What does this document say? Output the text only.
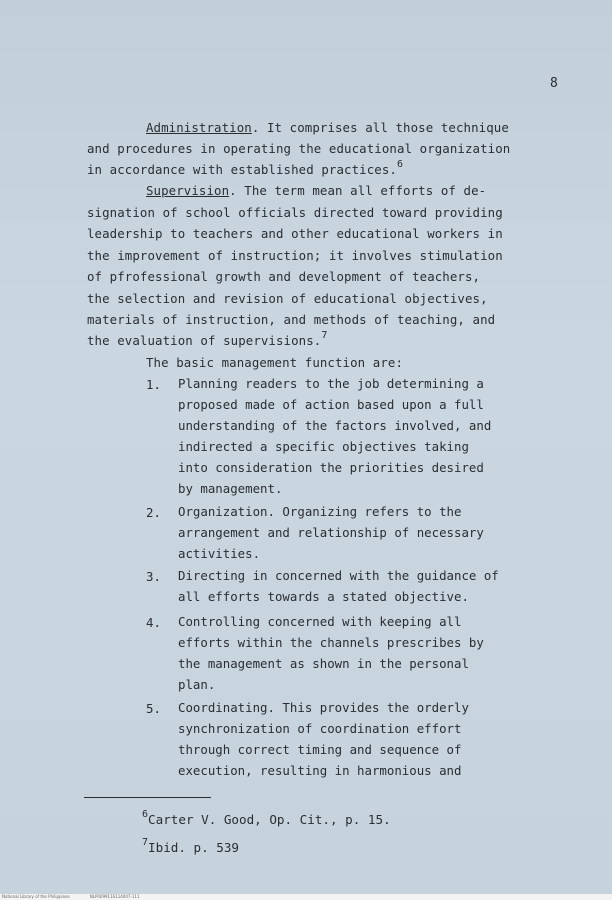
8
Administration. It comprises all those technique
and procedures in operating the educational organization
in accordance with established practices.$^6$
Supervision. The term mean all efforts of de-
signation of school officials directed toward providing
leadership to teachers and other educational workers in
the improvement of instruction; it involves stimulation
of pfrofessional growth and development of teachers,
the selection and revision of educational objectives,
materials of instruction, and methods of teaching, and
the evaluation of supervisions.$^7$
The basic management function are:
1. Planning readers to the job determining a
proposed made of action based upon a full
understanding of the factors involved, and
indirected a specific objectives taking
into consideration the priorities desired
by management.
2. Organization. Organizing refers to the
arrangement and relationship of necessary
activities.
3. Directing in concerned with the guidance of
all efforts towards a stated objective.
4. Controlling concerned with keeping all
efforts within the channels prescribes by
the management as shown in the personal
plan.
5. Coordinating. This provides the orderly
synchronization of coordination effort
through correct timing and sequence of
execution, resulting in harmonious and
$^6$Carter V. Good, Op. Cit., p. 15.
$^7$Ibid. p. 539
National Library of the Philippines	NLP0099116114007-111
